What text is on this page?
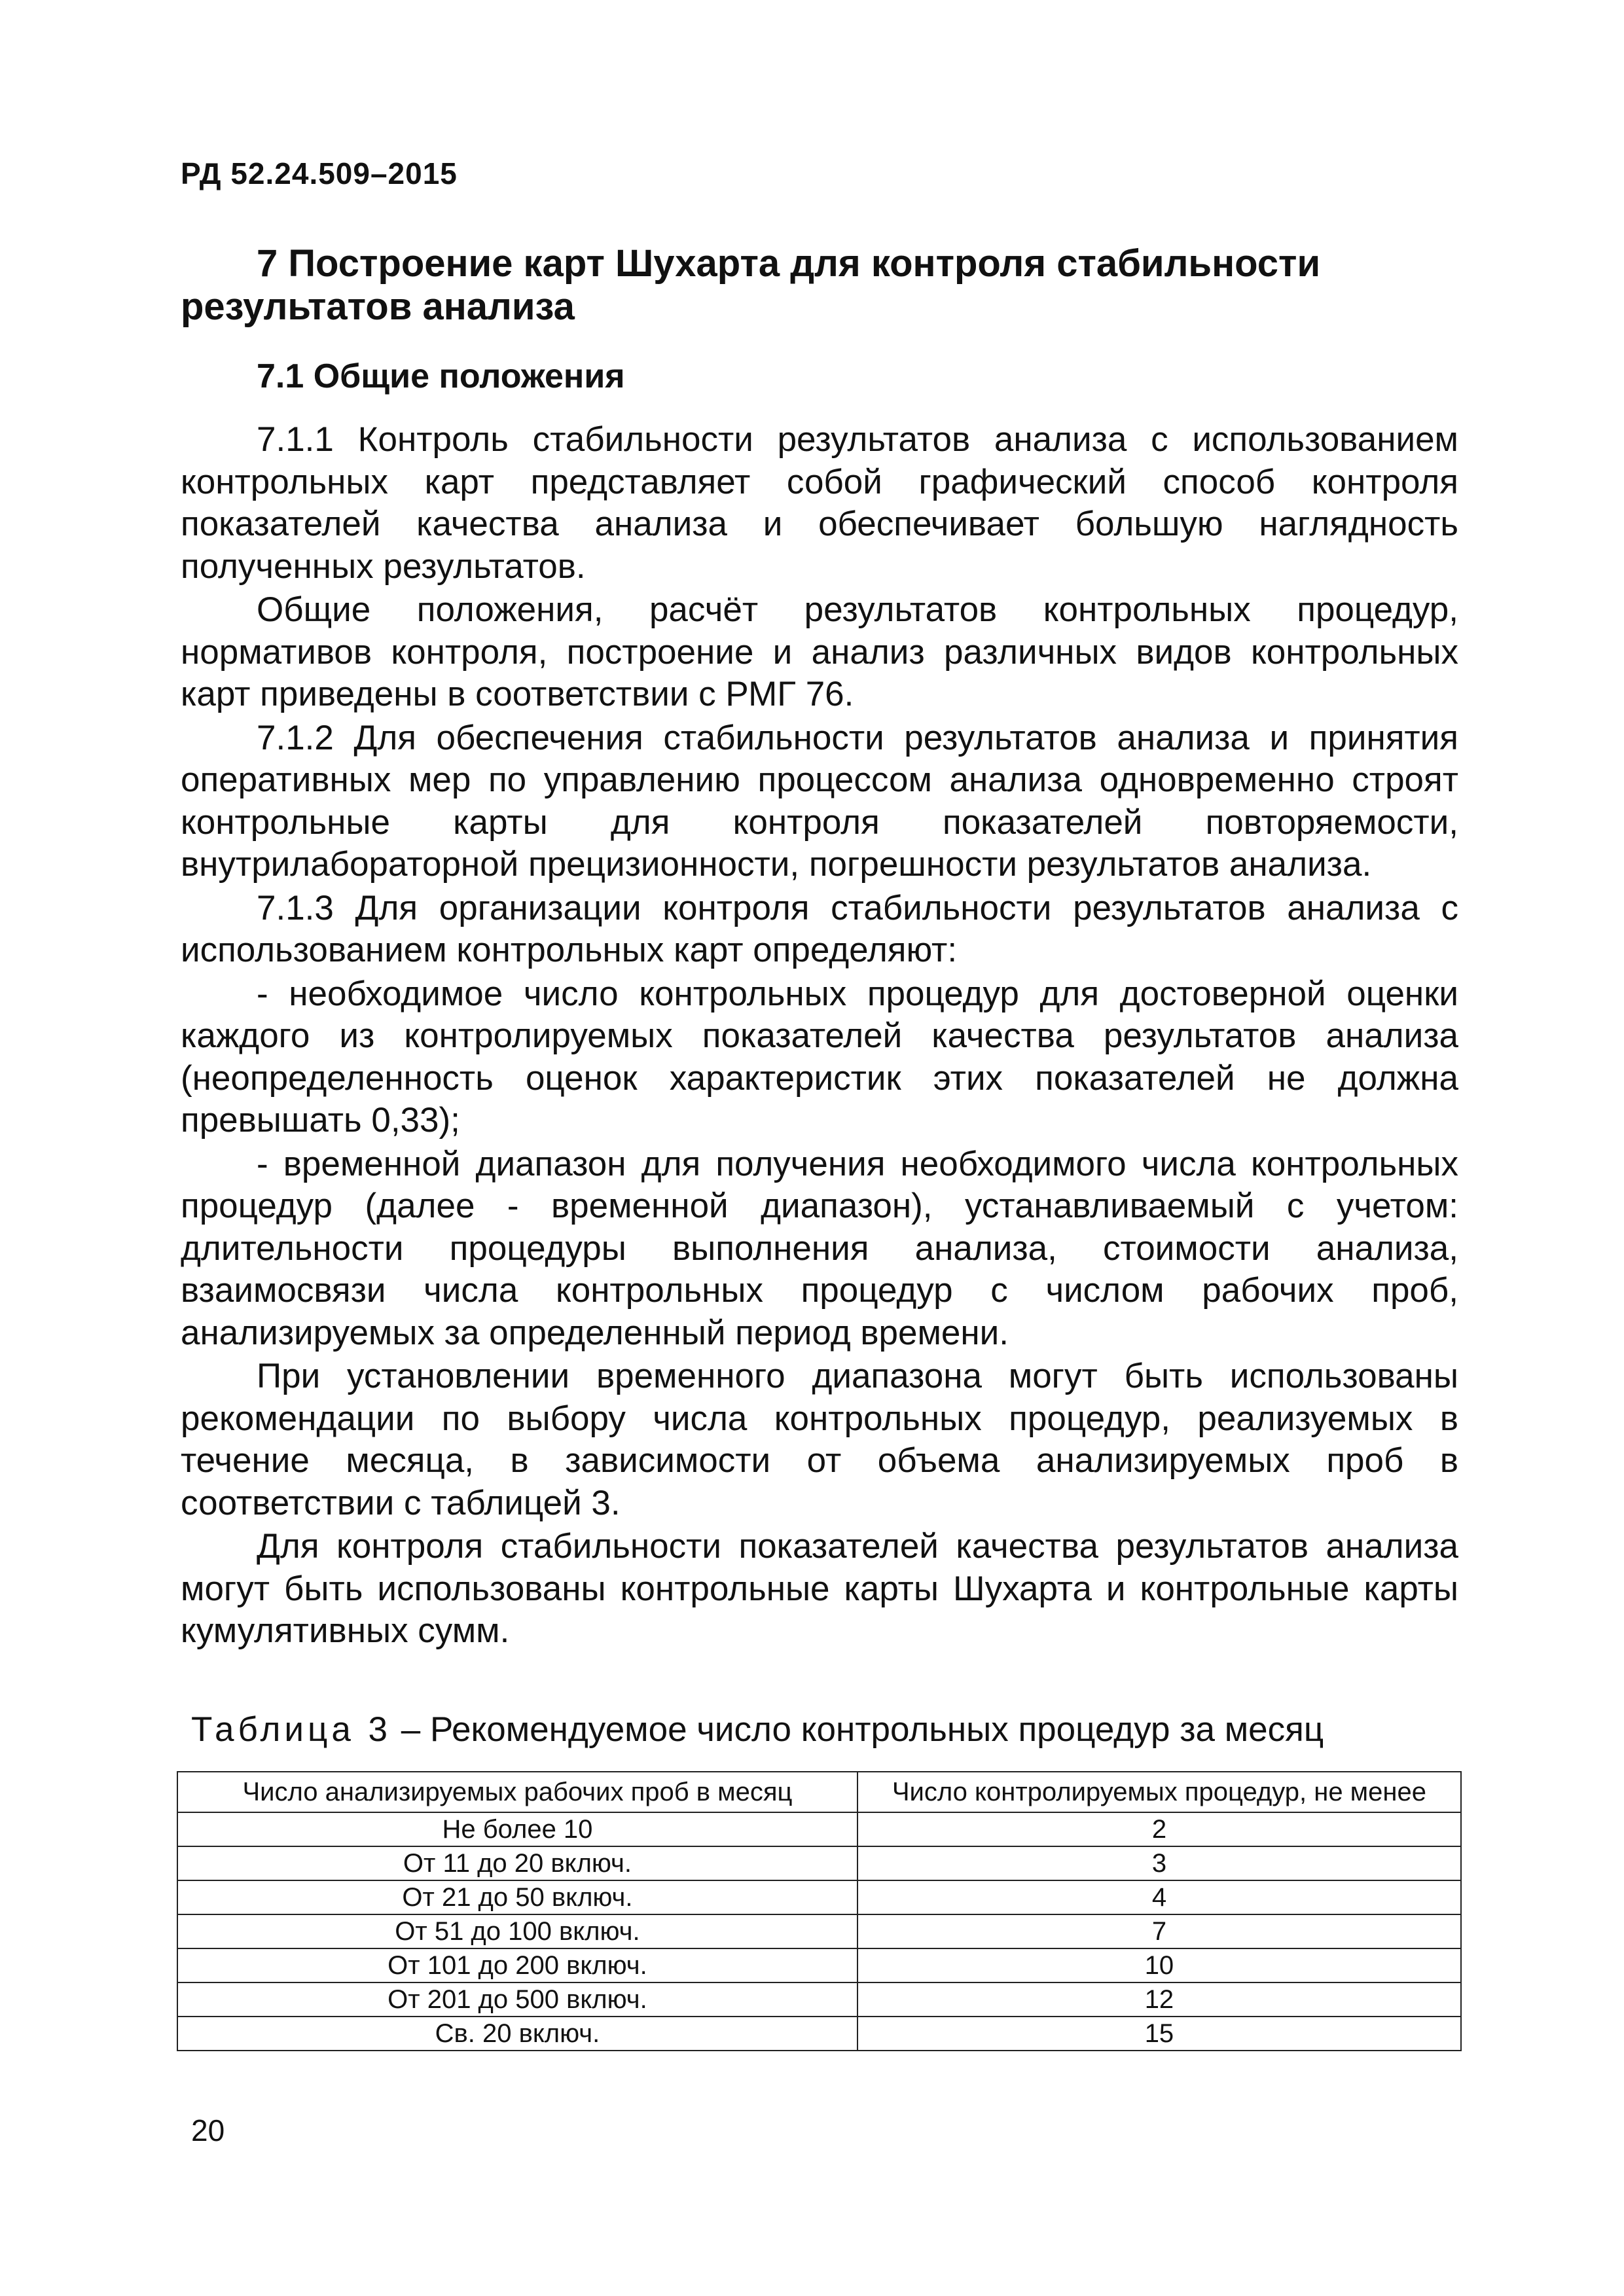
РД 52.24.509–2015

7 Построение карт Шухарта для контроля стабильности
результатов анализа
7.1 Общие положения

7.1.1 Контроль стабильности результатов анализа с использованием контрольных карт представляет собой графический способ контроля показателей качества анализа и обеспечивает большую наглядность полученных результатов.

Общие положения, расчёт результатов контрольных процедур, нормативов контроля, построение и анализ различных видов контрольных карт приведены в соответствии с РМГ 76.

7.1.2 Для обеспечения стабильности результатов анализа и принятия оперативных мер по управлению процессом анализа одновременно строят контрольные карты для контроля показателей повторяемости, внутрилабораторной прецизионности, погрешности результатов анализа.

7.1.3 Для организации контроля стабильности результатов анализа с использованием контрольных карт определяют:

- необходимое число контрольных процедур для достоверной оценки каждого из контролируемых показателей качества результатов анализа (неопределенность оценок характеристик этих показателей не должна превышать 0,33);

- временной диапазон для получения необходимого числа контрольных процедур (далее - временной диапазон), устанавливаемый с учетом: длительности процедуры выполнения анализа, стоимости анализа, взаимосвязи числа контрольных процедур с числом рабочих проб, анализируемых за определенный период времени.

При установлении временного диапазона могут быть использованы рекомендации по выбору числа контрольных процедур, реализуемых в течение месяца, в зависимости от объема анализируемых проб в соответствии с таблицей 3.

Для контроля стабильности показателей качества результатов анализа могут быть использованы контрольные карты Шухарта и контрольные карты кумулятивных сумм.

Таблица 3 – Рекомендуемое число контрольных процедур за месяц

Число анализируемых рабочих проб в месяц	Число контролируемых процедур, не менее
Не более 10	2
От 11 до 20 включ.	3
От 21 до 50 включ.	4
От 51 до 100 включ.	7
От 101 до 200 включ.	10
От 201 до 500 включ.	12
Св. 20 включ.	15

20
